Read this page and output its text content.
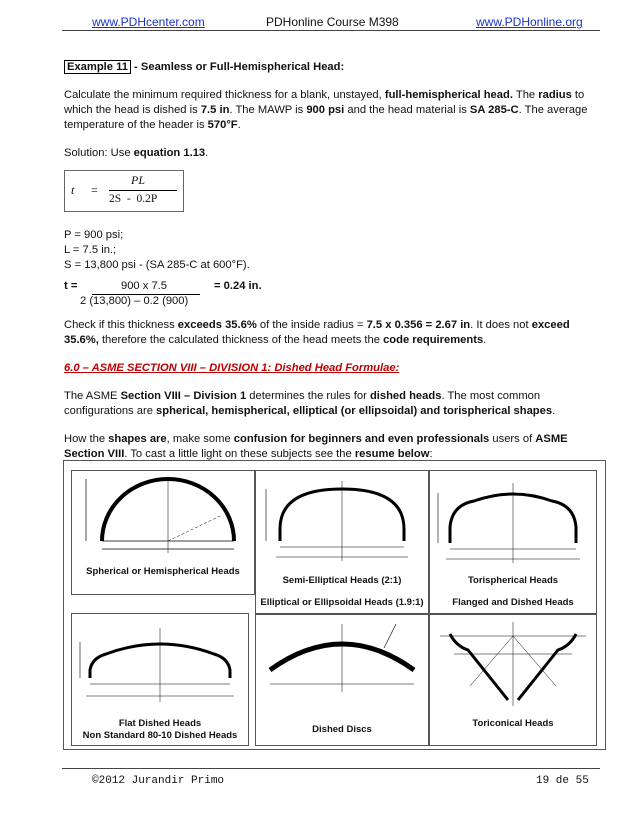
www.PDHcenter.com	PDHonline Course M398	www.PDHonline.org

Example 11 - Seamless or Full-Hemispherical Head:

Calculate the minimum required thickness for a blank, unstayed, full-hemispherical head. The radius to which the head is dished is 7.5 in. The MAWP is 900 psi and the head material is SA 285-C. The average temperature of the header is 570°F.

Solution: Use equation 1.13.

t =
PL
2S  -  0.2P

P = 900 psi;

L = 7.5 in.;

S = 13,800 psi - (SA 285-C at 600°F).

t =	900 x 7.5	= 0.24 in.
2 (13,800) – 0.2 (900)

Check if this thickness exceeds 35.6% of the inside radius = 7.5 x 0.356 = 2.67 in. It does not exceed 35.6%, therefore the calculated thickness of the head meets the code requirements.

6.0 – ASME SECTION VIII – DIVISION 1: Dished Head Formulae:

The ASME Section VIII – Division 1 determines the rules for dished heads. The most common configurations are spherical, hemispherical, elliptical (or ellipsoidal) and torispherical shapes.

How the shapes are, make some confusion for beginners and even professionals users of ASME Section VIII. To cast a little light on these subjects see the resume below:

Spherical or Hemispherical Heads
Semi-Elliptical Heads (2:1)
Elliptical or Ellipsoidal Heads (1.9:1)
Torispherical Heads
Flanged and Dished Heads
Flat Dished Heads
Non Standard 80-10 Dished Heads
Dished Discs
Toriconical Heads
©2012 Jurandir Primo	19 de 55
